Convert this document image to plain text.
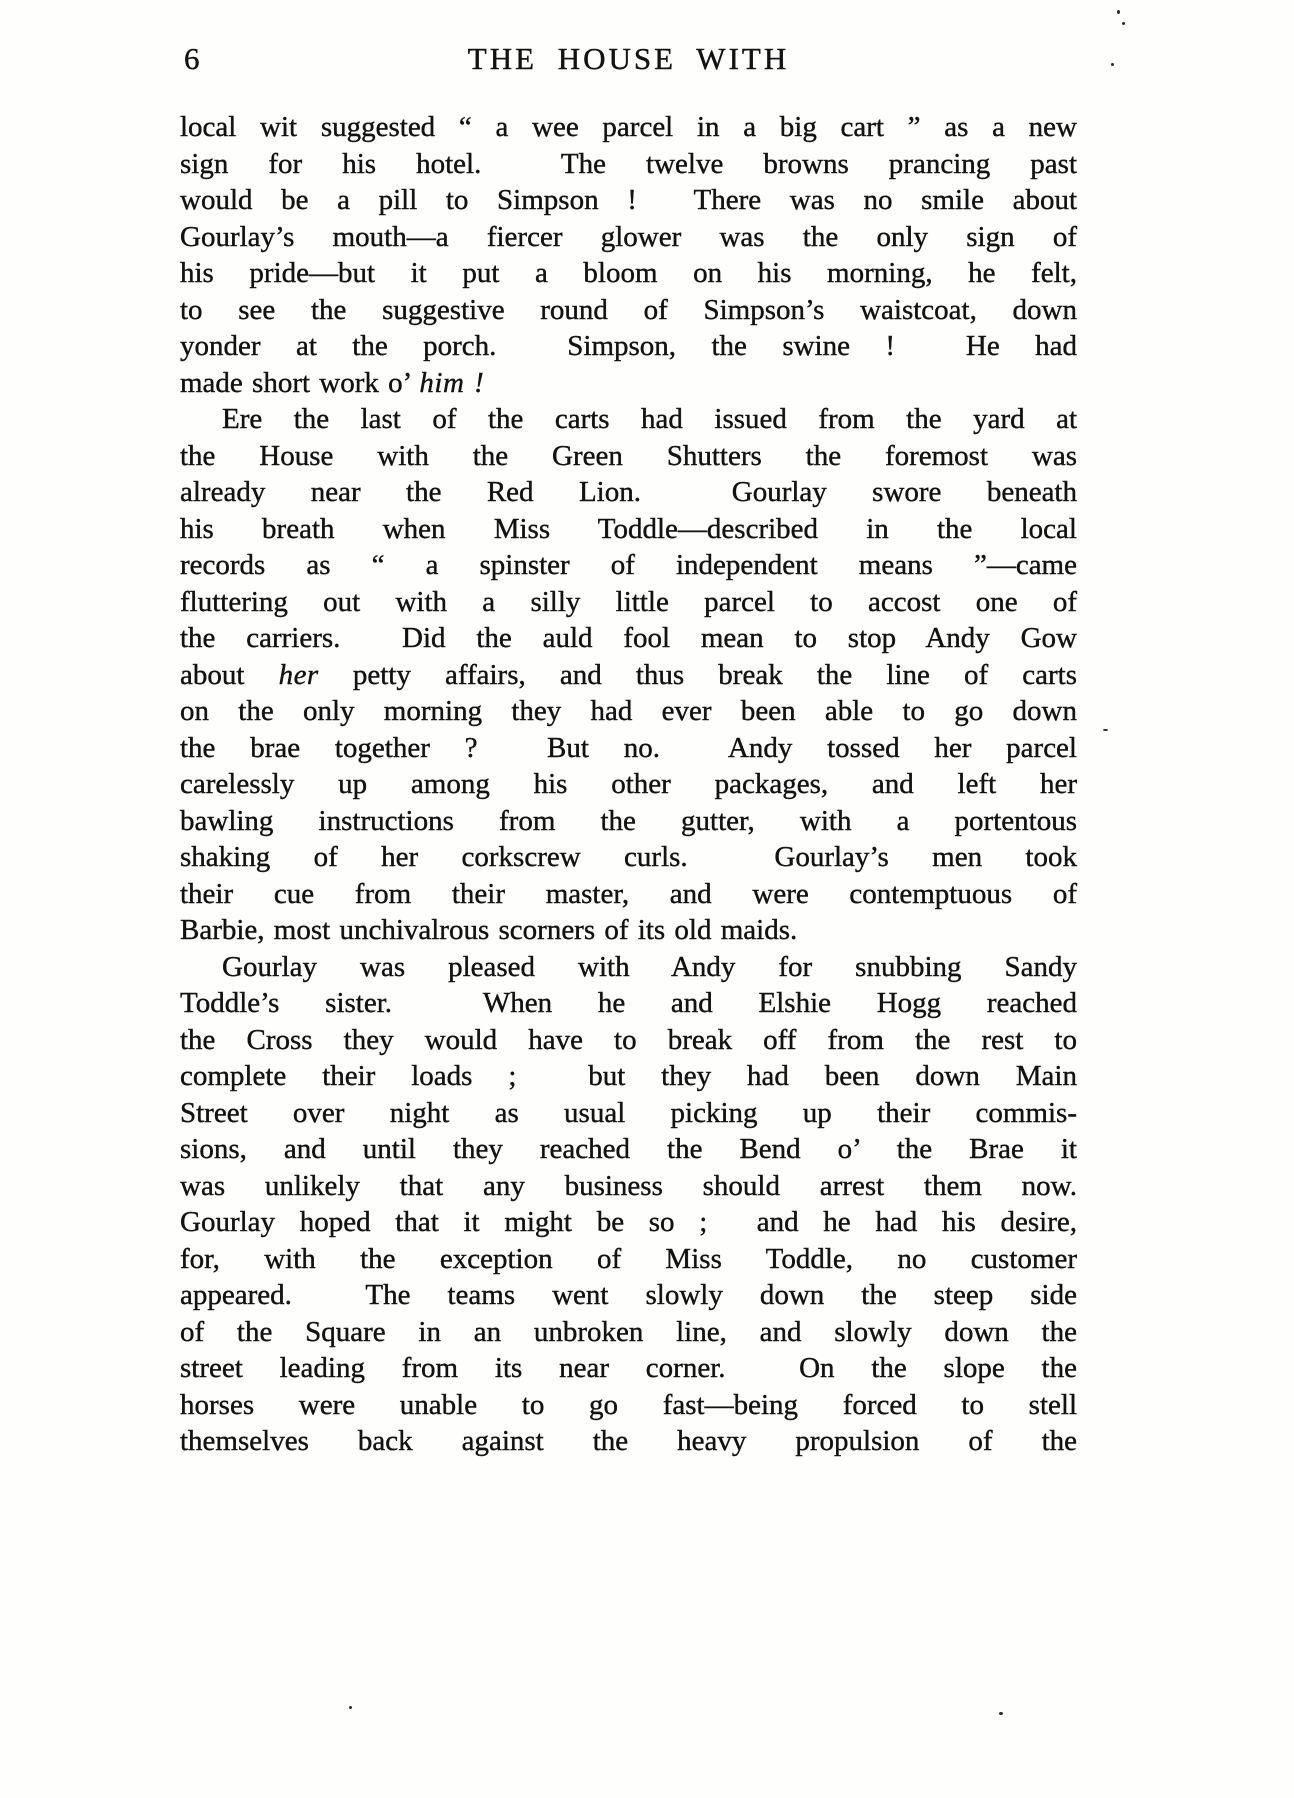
6	THE HOUSE WITH
local wit suggested “ a wee parcel in a big cart ” as a new
sign for his hotel.  The twelve browns prancing past
would be a pill to Simpson !  There was no smile about
Gourlay’s mouth—a fiercer glower was the only sign of
his pride—but it put a bloom on his morning, he felt,
to see the suggestive round of Simpson’s waistcoat, down
yonder at the porch.  Simpson, the swine !  He had
made short work o’ him !
Ere the last of the carts had issued from the yard at
the House with the Green Shutters the foremost was
already near the Red Lion.  Gourlay swore beneath
his breath when Miss Toddle—described in the local
records as “ a spinster of independent means ”—came
fluttering out with a silly little parcel to accost one of
the carriers.  Did the auld fool mean to stop Andy Gow
about her petty affairs, and thus break the line of carts
on the only morning they had ever been able to go down
the brae together ?  But no.  Andy tossed her parcel
carelessly up among his other packages, and left her
bawling instructions from the gutter, with a portentous
shaking of her corkscrew curls.  Gourlay’s men took
their cue from their master, and were contemptuous of
Barbie, most unchivalrous scorners of its old maids.
Gourlay was pleased with Andy for snubbing Sandy
Toddle’s sister.  When he and Elshie Hogg reached
the Cross they would have to break off from the rest to
complete their loads ;  but they had been down Main
Street over night as usual picking up their commis-
sions, and until they reached the Bend o’ the Brae it
was unlikely that any business should arrest them now.
Gourlay hoped that it might be so ;  and he had his desire,
for, with the exception of Miss Toddle, no customer
appeared.  The teams went slowly down the steep side
of the Square in an unbroken line, and slowly down the
street leading from its near corner.  On the slope the
horses were unable to go fast—being forced to stell
themselves back against the heavy propulsion of the
